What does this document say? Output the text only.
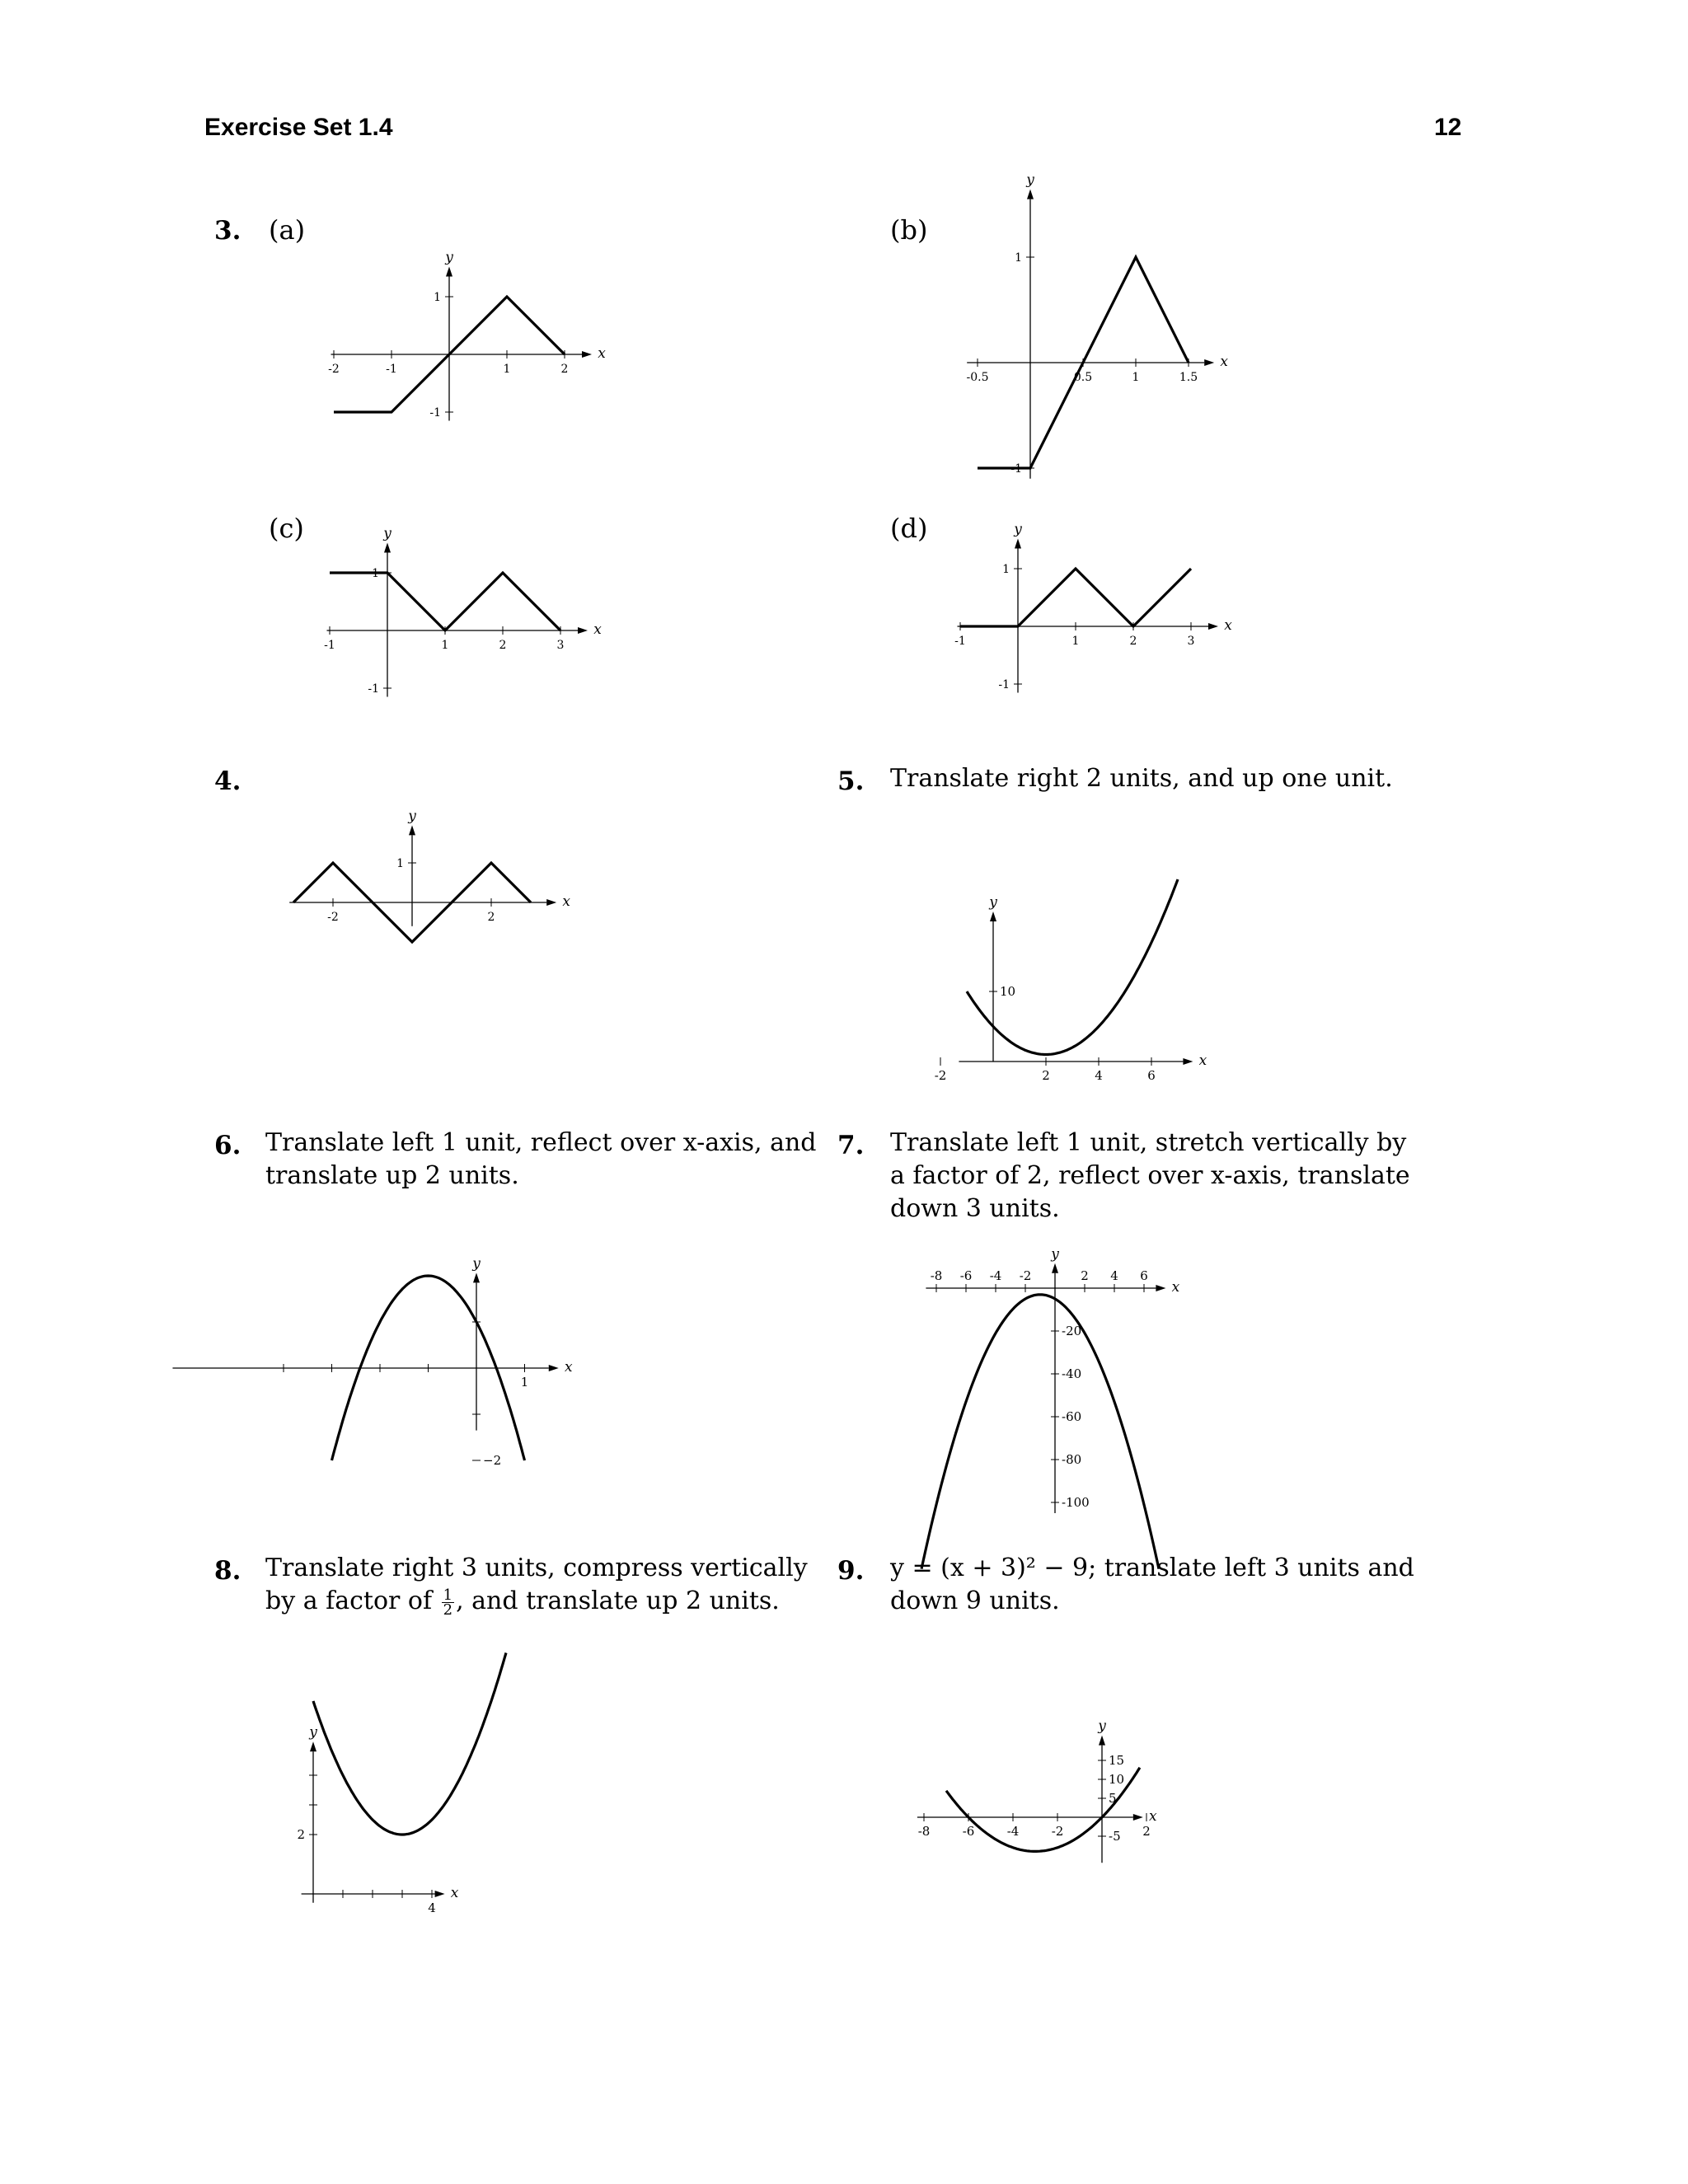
Exercise Set 1.4	12
3. (a)	(b)
(c)	(d)
4.	5. Translate right 2 units, and up one unit.
6. Translate left 1 unit, reflect over x-axis, and
translate up 2 units.
7. Translate left 1 unit, stretch vertically by
a factor of 2, reflect over x-axis, translate
down 3 units.
8. Translate right 3 units, compress vertically
by a factor of $\frac{1}{2}$ , and translate up 2 units.
9. y = (x + 3)² − 9; translate left 3 units and
down 9 units.
x
y
-2	-1	1	2
1
-1
x
y
-0.5	0.5	1	1.5
1
-1
x
y
-1	1	2	3
1
-1
x
y
-1	1	2	3
1
-1
x
y
-2	2
1
x
y
-2	2	4	6
10
x
y
1
−2
x
y
-8 -6 -4 -2	2 4 6
-20
-40
-60
-80
-100
x
y
4
2
x
y
-8	-6	-4	-2	2
15
10
5
-5
